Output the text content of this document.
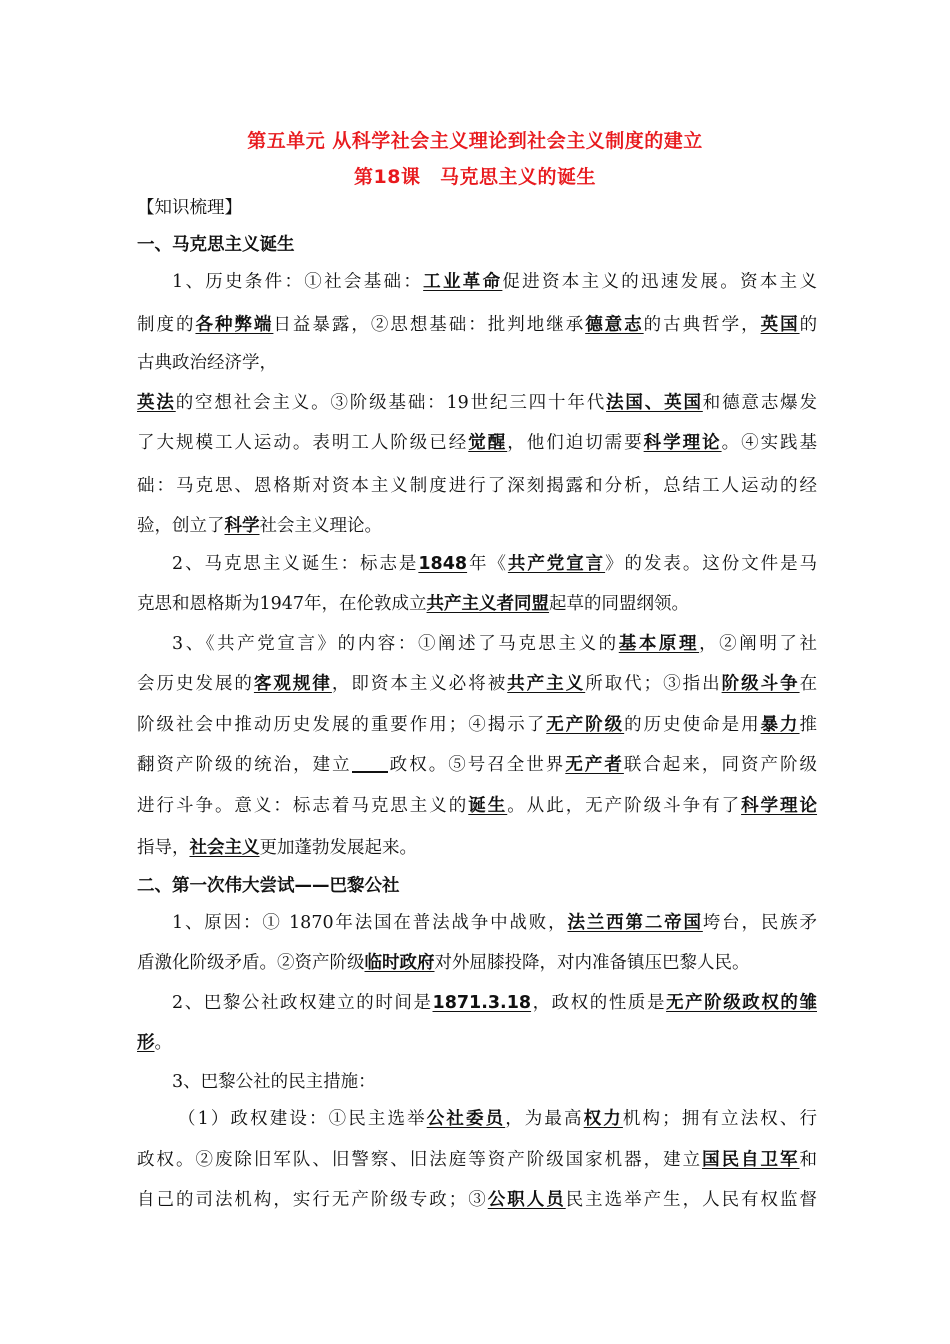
第五单元 从科学社会主义理论到社会主义制度的建立
第18课　马克思主义的诞生
【知识梳理】
一、马克思主义诞生
1、历史条件：①社会基础：工业革命促进资本主义的迅速发展。资本主义
制度的各种弊端日益暴露，②思想基础：批判地继承德意志的古典哲学，英国的
古典政治经济学，
英法的空想社会主义。③阶级基础：19世纪三四十年代法国、英国和德意志爆发
了大规模工人运动。表明工人阶级已经觉醒，他们迫切需要科学理论。④实践基
础：马克思、恩格斯对资本主义制度进行了深刻揭露和分析，总结工人运动的经
验，创立了科学社会主义理论。
2、马克思主义诞生：标志是1848年《共产党宣言》的发表。这份文件是马
克思和恩格斯为1947年，在伦敦成立共产主义者同盟起草的同盟纲领。
3、《共产党宣言》的内容：①阐述了马克思主义的基本原理，②阐明了社
会历史发展的客观规律，即资本主义必将被共产主义所取代；③指出阶级斗争在
阶级社会中推动历史发展的重要作用；④揭示了无产阶级的历史使命是用暴力推
翻资产阶级的统治，建立 政权。⑤号召全世界无产者联合起来，同资产阶级
进行斗争。意义：标志着马克思主义的诞生。从此，无产阶级斗争有了科学理论
指导，社会主义更加蓬勃发展起来。
二、第一次伟大尝试——巴黎公社
1、原因：① 1870年法国在普法战争中战败，法兰西第二帝国垮台，民族矛
盾激化阶级矛盾。②资产阶级临时政府对外屈膝投降，对内准备镇压巴黎人民。
2、巴黎公社政权建立的时间是1871.3.18，政权的性质是无产阶级政权的雏
形。
3、巴黎公社的民主措施：
（1）政权建设：①民主选举公社委员，为最高权力机构；拥有立法权、行
政权。②废除旧军队、旧警察、旧法庭等资产阶级国家机器，建立国民自卫军和
自己的司法机构，实行无产阶级专政；③公职人员民主选举产生，人民有权监督
